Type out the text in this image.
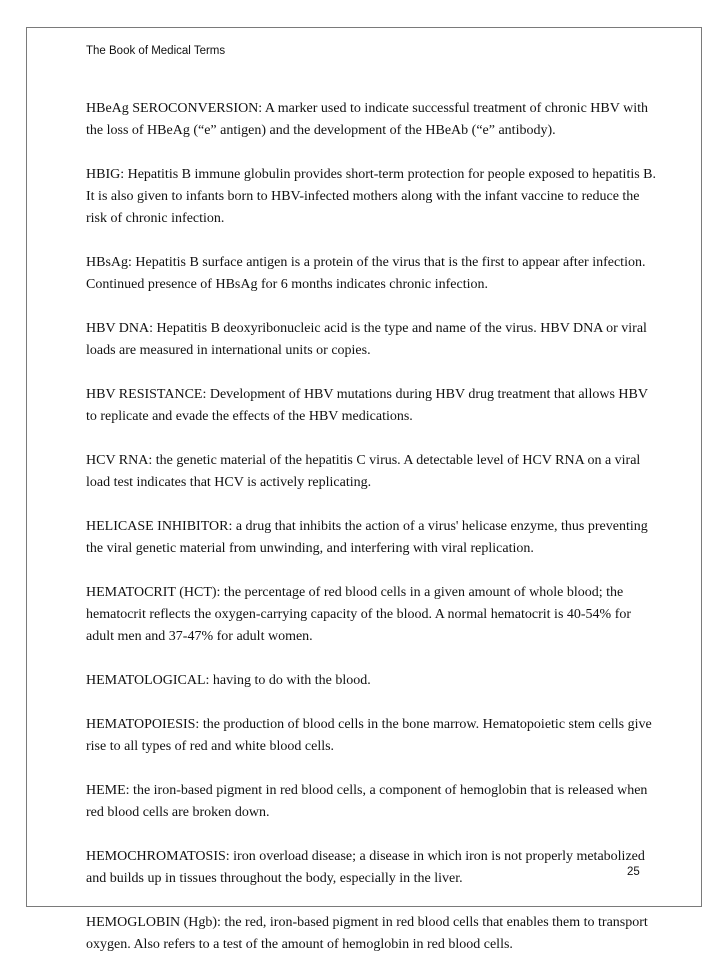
The Book of Medical Terms

HBeAg SEROCONVERSION: A marker used to indicate successful treatment of chronic HBV with the loss of HBeAg (“e” antigen) and the development of the HBeAb (“e” antibody).

HBIG: Hepatitis B immune globulin provides short-term protection for people exposed to hepatitis B. It is also given to infants born to HBV-infected mothers along with the infant vaccine to reduce the risk of chronic infection.

HBsAg: Hepatitis B surface antigen is a protein of the virus that is the first to appear after infection. Continued presence of HBsAg for 6 months indicates chronic infection.

HBV DNA: Hepatitis B deoxyribonucleic acid is the type and name of the virus. HBV DNA or viral loads are measured in international units or copies.

HBV RESISTANCE: Development of HBV mutations during HBV drug treatment that allows HBV to replicate and evade the effects of the HBV medications.

HCV RNA: the genetic material of the hepatitis C virus. A detectable level of HCV RNA on a viral load test indicates that HCV is actively replicating.

HELICASE INHIBITOR: a drug that inhibits the action of a virus' helicase enzyme, thus preventing the viral genetic material from unwinding, and interfering with viral replication.

HEMATOCRIT (HCT): the percentage of red blood cells in a given amount of whole blood; the hematocrit reflects the oxygen-carrying capacity of the blood. A normal hematocrit is 40-54% for adult men and 37-47% for adult women.

HEMATOLOGICAL: having to do with the blood.

HEMATOPOIESIS: the production of blood cells in the bone marrow. Hematopoietic stem cells give rise to all types of red and white blood cells.

HEME: the iron-based pigment in red blood cells, a component of hemoglobin that is released when red blood cells are broken down.

HEMOCHROMATOSIS: iron overload disease; a disease in which iron is not properly metabolized and builds up in tissues throughout the body, especially in the liver.

HEMOGLOBIN (Hgb): the red, iron-based pigment in red blood cells that enables them to transport oxygen. Also refers to a test of the amount of hemoglobin in red blood cells.

25
